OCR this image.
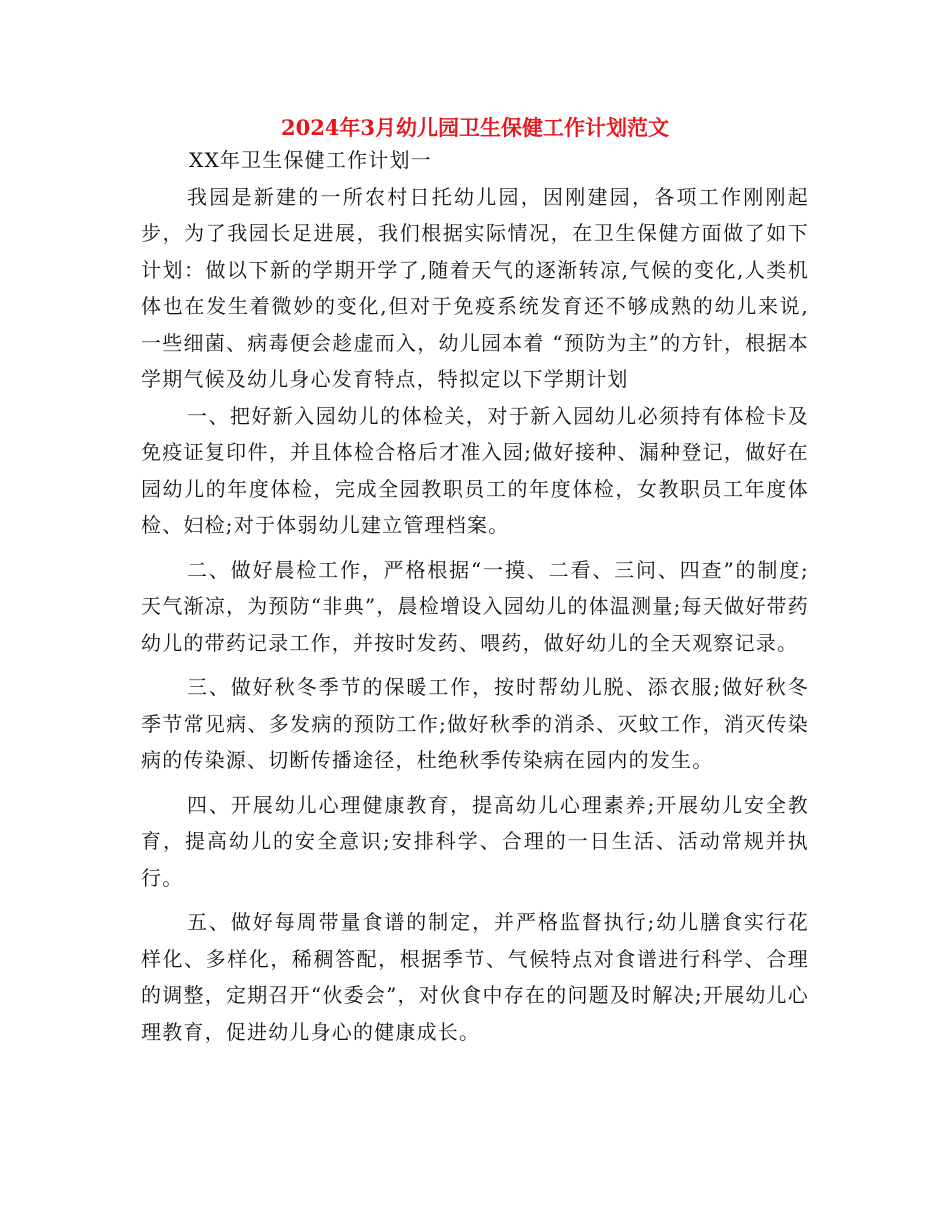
2024年3月幼儿园卫生保健工作计划范文

XX年卫生保健工作计划一

我园是新建的一所农村日托幼儿园，因刚建园，各项工作刚刚起步，为了我园长足进展，我们根据实际情况，在卫生保健方面做了如下计划：做以下新的学期开学了,随着天气的逐渐转凉,气候的变化,人类机体也在发生着微妙的变化,但对于免疫系统发育还不够成熟的幼儿来说,一些细菌、病毒便会趁虚而入，幼儿园本着 “预防为主”的方针，根据本学期气候及幼儿身心发育特点，特拟定以下学期计划

一、把好新入园幼儿的体检关，对于新入园幼儿必须持有体检卡及免疫证复印件，并且体检合格后才准入园;做好接种、漏种登记，做好在园幼儿的年度体检，完成全园教职员工的年度体检，女教职员工年度体检、妇检;对于体弱幼儿建立管理档案。

二、做好晨检工作，严格根据“一摸、二看、三问、四查”的制度;天气渐凉，为预防“非典”，晨检增设入园幼儿的体温测量;每天做好带药幼儿的带药记录工作，并按时发药、喂药，做好幼儿的全天观察记录。

三、做好秋冬季节的保暖工作，按时帮幼儿脱、添衣服;做好秋冬季节常见病、多发病的预防工作;做好秋季的消杀、灭蚊工作，消灭传染病的传染源、切断传播途径，杜绝秋季传染病在园内的发生。

四、开展幼儿心理健康教育，提高幼儿心理素养;开展幼儿安全教育，提高幼儿的安全意识;安排科学、合理的一日生活、活动常规并执行。

五、做好每周带量食谱的制定，并严格监督执行;幼儿膳食实行花样化、多样化，稀稠答配，根据季节、气候特点对食谱进行科学、合理的调整，定期召开“伙委会”，对伙食中存在的问题及时解决;开展幼儿心理教育，促进幼儿身心的健康成长。
